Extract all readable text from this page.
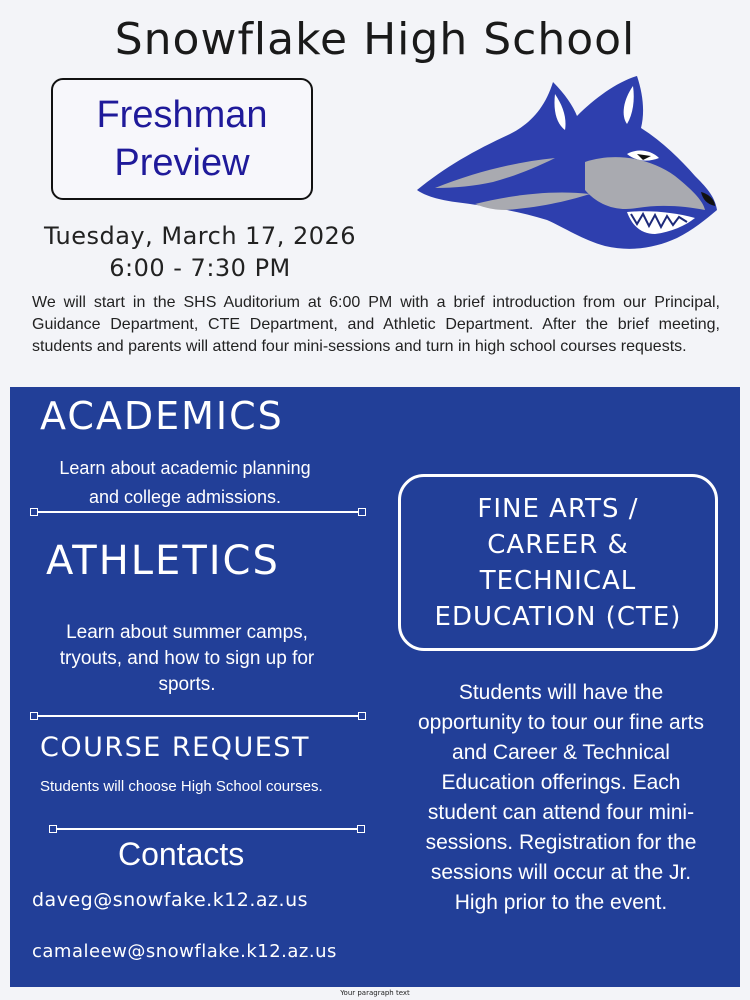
Snowflake High School
Freshman
Preview
Tuesday, March 17, 2026
6:00 - 7:30 PM
We will start in the SHS Auditorium at 6:00 PM with a brief introduction from our Principal, Guidance Department, CTE Department, and Athletic Department. After the brief meeting, students and parents will attend four mini-sessions and turn in high school courses requests.
ACADEMICS
Learn about academic planning
and college admissions.
ATHLETICS
Learn about summer camps,
tryouts, and how to sign up for
sports.
COURSE REQUEST
Students will choose High School courses.
Contacts
daveg@snowfake.k12.az.us
camaleew@snowflake.k12.az.us
FINE ARTS /
CAREER &
TECHNICAL
EDUCATION (CTE)
Students will have the
opportunity to tour our fine arts
and Career & Technical
Education offerings. Each
student can attend four mini-
sessions. Registration for the
sessions will occur at the Jr.
High prior to the event.
Your paragraph text
